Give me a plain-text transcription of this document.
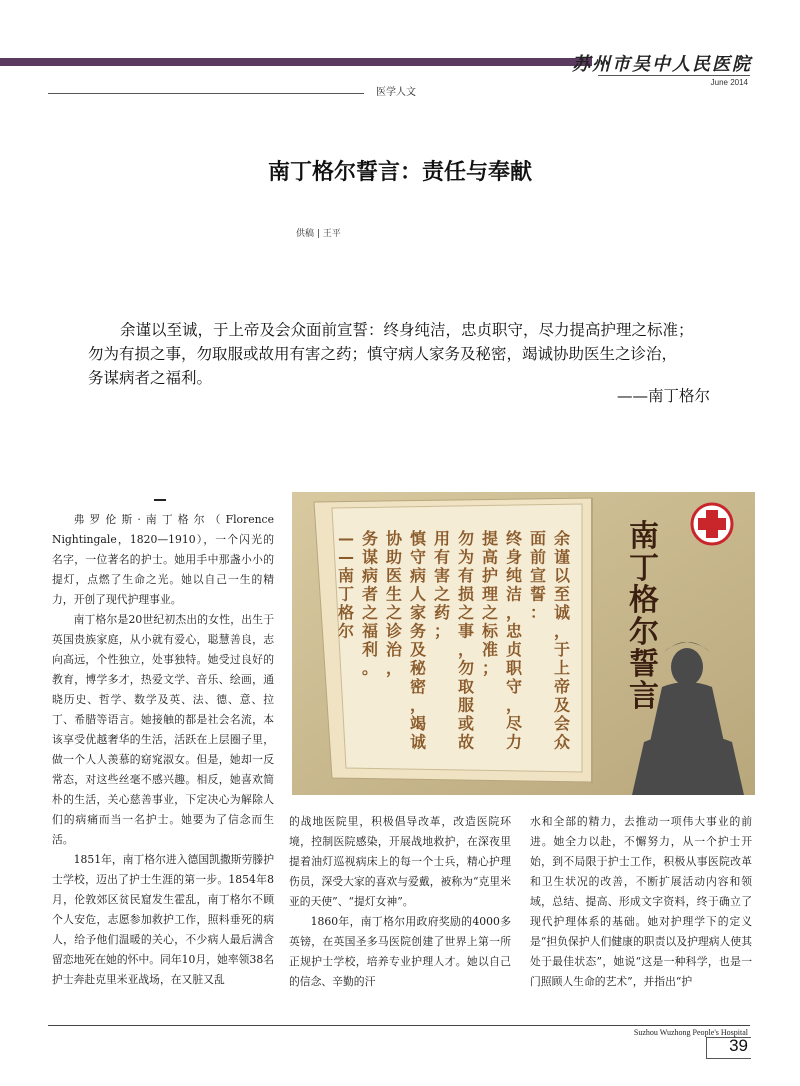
苏州市吴中人民医院
June 2014
医学人文
南丁格尔誓言：责任与奉献
供稿 | 王平
余谨以至诚，于上帝及会众面前宣誓：终身纯洁，忠贞职守，尽力提高护理之标准；
勿为有损之事，勿取服或故用有害之药；慎守病人家务及秘密，竭诚协助医生之诊治，
务谋病者之福利。
——南丁格尔

弗罗伦斯·南丁格尔（Florence Nightingale，1820—1910），一个闪光的名字，一位著名的护士。她用手中那盏小小的提灯，点燃了生命之光。她以自己一生的精力，开创了现代护理事业。

南丁格尔是20世纪初杰出的女性，出生于英国贵族家庭，从小就有爱心，聪慧善良，志向高远，个性独立，处事独特。她受过良好的教育，博学多才，热爱文学、音乐、绘画，通晓历史、哲学、数学及英、法、德、意、拉丁、希腊等语言。她接触的都是社会名流，本该享受优越奢华的生活，活跃在上层圈子里，做一个人人羡慕的窈窕淑女。但是，她却一反常态，对这些丝毫不感兴趣。相反，她喜欢简朴的生活，关心慈善事业，下定决心为解除人们的病痛而当一名护士。她要为了信念而生活。

1851年，南丁格尔进入德国凯撒斯劳滕护士学校，迈出了护士生涯的第一步。1854年8月，伦敦郊区贫民窟发生霍乱，南丁格尔不顾个人安危，志愿参加救护工作，照料垂死的病人，给予他们温暖的关心，不少病人最后满含留恋地死在她的怀中。同年10月，她率领38名护士奔赴克里米亚战场，在又脏又乱

余
谨
以
至
诚
，
于
上
帝
及
会
众
面
前
宣
誓
：
终
身
纯
洁
，
忠
贞
职
守
，
尽
力
提
高
护
理
之
标
准
；
勿
为
有
损
之
事
，
勿
取
服
或
故
用
有
害
之
药
；
慎
守
病
人
家
务
及
秘
密
，
竭
诚
协
助
医
生
之
诊
治
，
务
谋
病
者
之
福
利
。
—
—
南
丁
格
尔
南
丁
格
尔
誓
言

的战地医院里，积极倡导改革，改造医院环境，控制医院感染，开展战地救护，在深夜里提着油灯巡视病床上的每一个士兵，精心护理伤员，深受大家的喜欢与爱戴，被称为“克里米亚的天使”、“提灯女神”。

1860年，南丁格尔用政府奖励的4000多英镑，在英国圣多马医院创建了世界上第一所正规护士学校，培养专业护理人才。她以自己的信念、辛勤的汗

水和全部的精力，去推动一项伟大事业的前进。她全力以赴，不懈努力，从一个护士开始，到不局限于护士工作，积极从事医院改革和卫生状况的改善，不断扩展活动内容和领域，总结、提高、形成文字资料，终于确立了现代护理体系的基础。她对护理学下的定义是“担负保护人们健康的职责以及护理病人使其处于最佳状态”，她说“这是一种科学，也是一门照顾人生命的艺术”，并指出“护

Suzhou Wuzhong People's Hospital
39
